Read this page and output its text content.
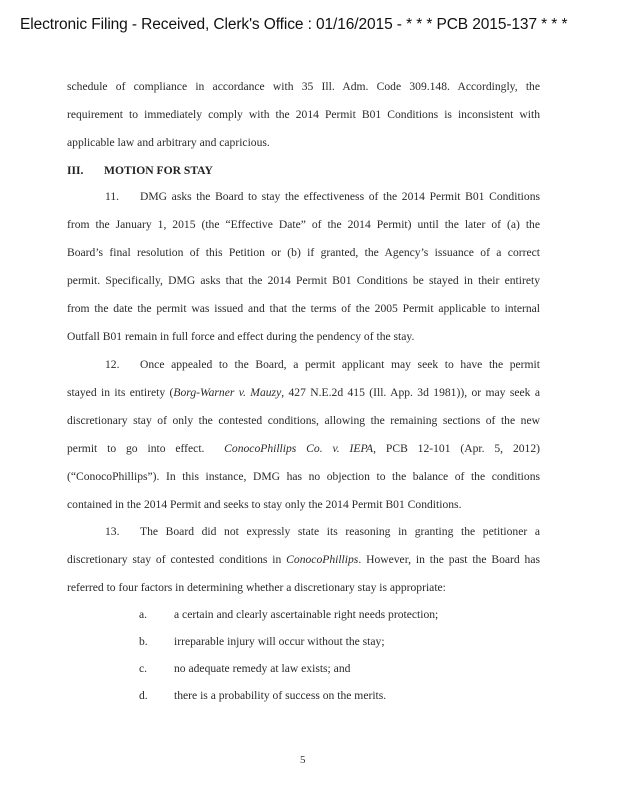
Electronic Filing - Received, Clerk's Office : 01/16/2015 - * * * PCB 2015-137 * * *
schedule of compliance in accordance with 35 Ill. Adm. Code 309.148. Accordingly, the
requirement to immediately comply with the 2014 Permit B01 Conditions is inconsistent with
applicable law and arbitrary and capricious.
III. MOTION FOR STAY
11. DMG asks the Board to stay the effectiveness of the 2014 Permit B01 Conditions
from the January 1, 2015 (the “Effective Date” of the 2014 Permit) until the later of (a) the
Board’s final resolution of this Petition or (b) if granted, the Agency’s issuance of a correct
permit. Specifically, DMG asks that the 2014 Permit B01 Conditions be stayed in their entirety
from the date the permit was issued and that the terms of the 2005 Permit applicable to internal
Outfall B01 remain in full force and effect during the pendency of the stay.
12. Once appealed to the Board, a permit applicant may seek to have the permit
stayed in its entirety (Borg-Warner v. Mauzy, 427 N.E.2d 415 (Ill. App. 3d 1981)), or may seek a
discretionary stay of only the contested conditions, allowing the remaining sections of the new
permit to go into effect. ConocoPhillips Co. v. IEPA, PCB 12-101 (Apr. 5, 2012)
(“ConocoPhillips”). In this instance, DMG has no objection to the balance of the conditions
contained in the 2014 Permit and seeks to stay only the 2014 Permit B01 Conditions.
13. The Board did not expressly state its reasoning in granting the petitioner a
discretionary stay of contested conditions in ConocoPhillips. However, in the past the Board has
referred to four factors in determining whether a discretionary stay is appropriate:
a. a certain and clearly ascertainable right needs protection;
b. irreparable injury will occur without the stay;
c. no adequate remedy at law exists; and
d. there is a probability of success on the merits.
5
